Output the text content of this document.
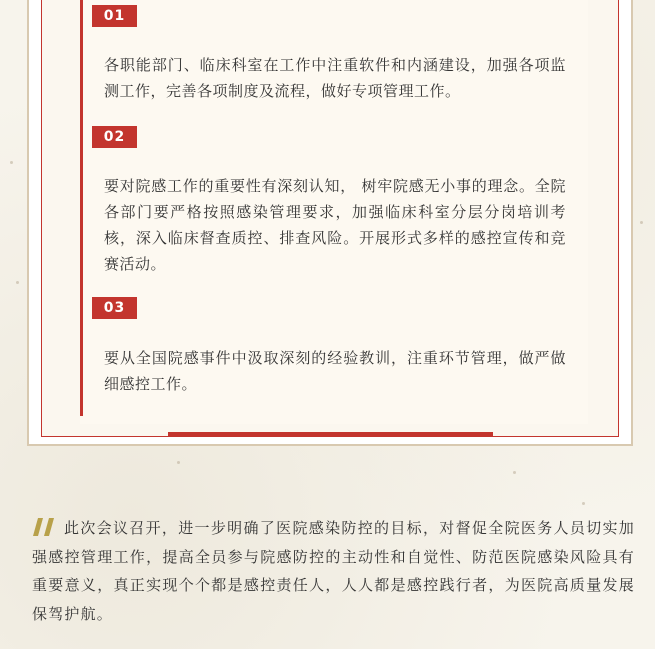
01

各职能部门、临床科室在工作中注重软件和内涵建设，加强各项监测工作，完善各项制度及流程，做好专项管理工作。

02

要对院感工作的重要性有深刻认知， 树牢院感无小事的理念。全院各部门要严格按照感染管理要求，加强临床科室分层分岗培训考核，深入临床督查质控、排查风险。开展形式多样的感控宣传和竞赛活动。

03

要从全国院感事件中汲取深刻的经验教训，注重环节管理，做严做细感控工作。

此次会议召开，进一步明确了医院感染防控的目标，对督促全院医务人员切实加强感控管理工作，提高全员参与院感防控的主动性和自觉性、防范医院感染风险具有重要意义，真正实现个个都是感控责任人，人人都是感控践行者，为医院高质量发展保驾护航。
